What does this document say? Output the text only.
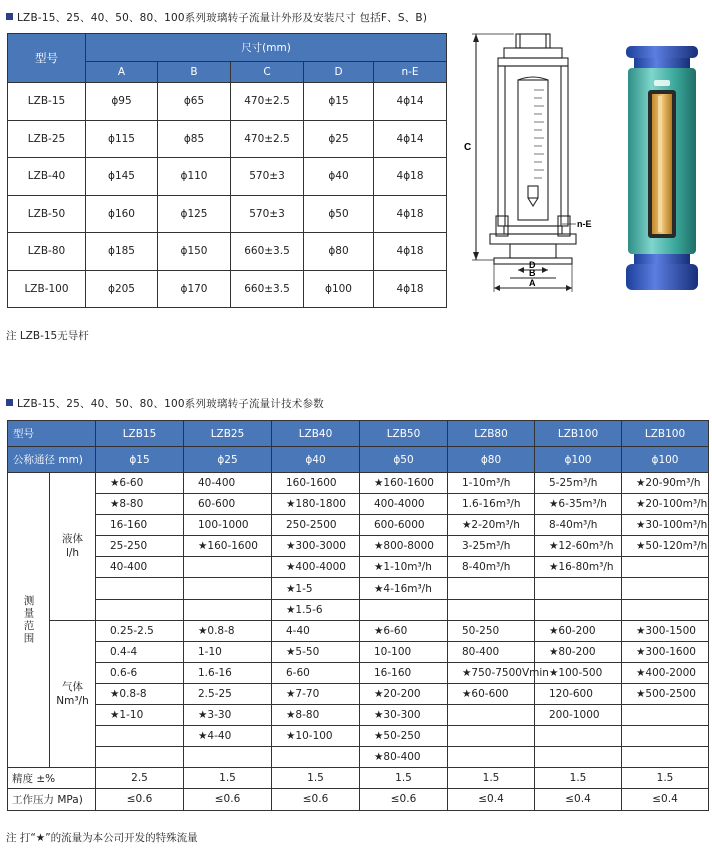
LZB-15、25、40、50、80、100系列玻璃转子流量计外形及安装尺寸 包括F、S、B)
型号	尺寸(mm)				
	A	B	C	D	n-E
LZB-15	ϕ95	ϕ65	470±2.5	ϕ15	4ϕ14
LZB-25	ϕ115	ϕ85	470±2.5	ϕ25	4ϕ14
LZB-40	ϕ145	ϕ110	570±3	ϕ40	4ϕ18
LZB-50	ϕ160	ϕ125	570±3	ϕ50	4ϕ18
LZB-80	ϕ185	ϕ150	660±3.5	ϕ80	4ϕ18
LZB-100	ϕ205	ϕ170	660±3.5	ϕ100	4ϕ18
注 LZB-15无导杆
C
n-E
D
B
A
LZB-15、25、40、50、80、100系列玻璃转子流量计技术参数
型号		LZB15	LZB25	LZB40	LZB50	LZB80	LZB100	LZB100
公称通径 mm)		ϕ15	ϕ25	ϕ40	ϕ50	ϕ80	ϕ100	ϕ100
测量范围	液体
l/h	★6-60	40-400	160-1600	★160-1600	1-10m³/h	5-25m³/h	★20-90m³/h
		★8-80	60-600	★180-1800	400-4000	1.6-16m³/h	★6-35m³/h	★20-100m³/h
		16-160	100-1000	250-2500	600-6000	★2-20m³/h	8-40m³/h	★30-100m³/h
		25-250	★160-1600	★300-3000	★800-8000	3-25m³/h	★12-60m³/h	★50-120m³/h
		40-400		★400-4000	★1-10m³/h	8-40m³/h	★16-80m³/h	
				★1-5	★4-16m³/h			
				★1.5-6				

	气体
Nm³/h	0.25-2.5	★0.8-8	4-40	★6-60	50-250	★60-200	★300-1500
		0.4-4	1-10	★5-50	10-100	80-400	★80-200	★300-1600
		0.6-6	1.6-16	6-60	16-160	★750-7500Vmin	★100-500	★400-2000
		★0.8-8	2.5-25	★7-70	★20-200	★60-600	120-600	★500-2500
		★1-10	★3-30	★8-80	★30-300		200-1000	
			★4-40	★10-100	★50-250			
					★80-400			
精度 ±%		2.5	1.5	1.5	1.5	1.5	1.5	1.5
工作压力 MPa)		≤0.6	≤0.6	≤0.6	≤0.6	≤0.4	≤0.4	≤0.4
注 打“★”的流量为本公司开发的特殊流量
